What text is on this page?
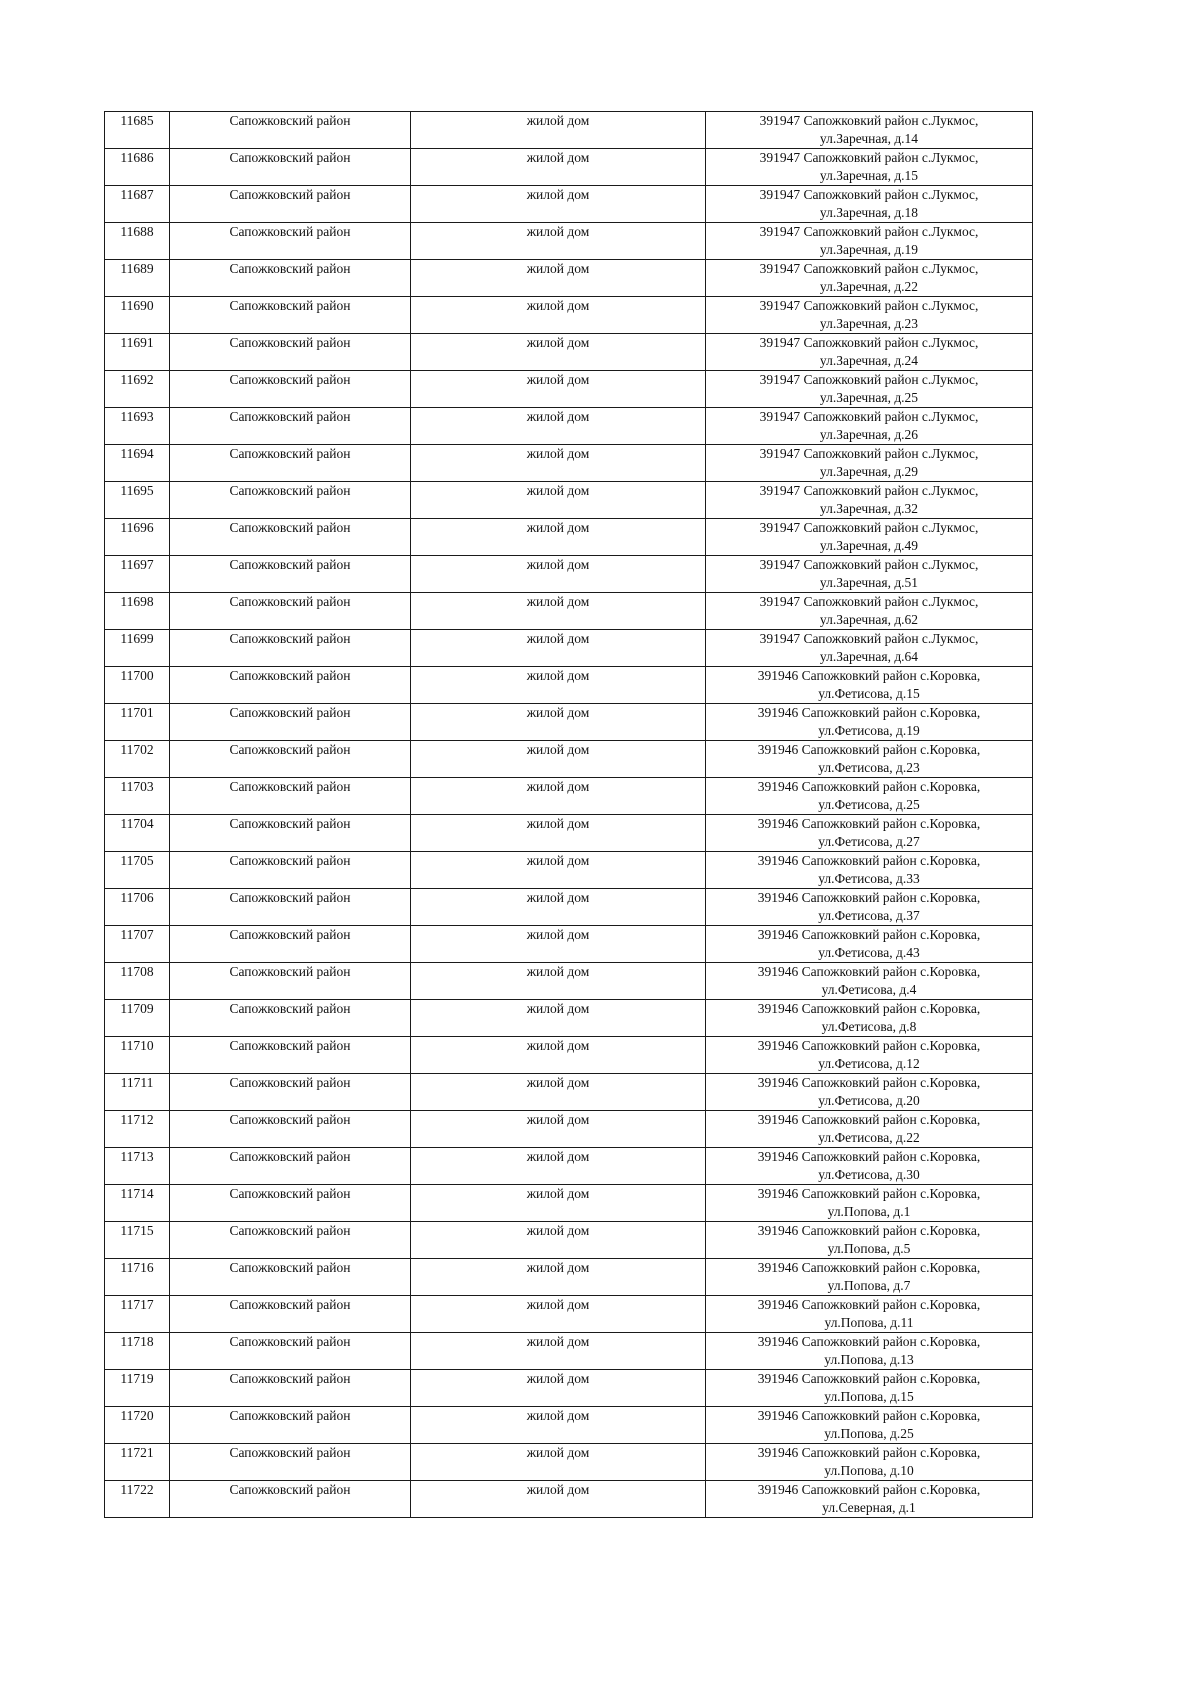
11685	Сапожковский район	жилой дом	391947 Сапожковкий район с.Лукмос,
ул.Заречная, д.14

11686	Сапожковский район	жилой дом	391947 Сапожковкий район с.Лукмос,
ул.Заречная, д.15

11687	Сапожковский район	жилой дом	391947 Сапожковкий район с.Лукмос,
ул.Заречная, д.18

11688	Сапожковский район	жилой дом	391947 Сапожковкий район с.Лукмос,
ул.Заречная, д.19

11689	Сапожковский район	жилой дом	391947 Сапожковкий район с.Лукмос,
ул.Заречная, д.22

11690	Сапожковский район	жилой дом	391947 Сапожковкий район с.Лукмос,
ул.Заречная, д.23

11691	Сапожковский район	жилой дом	391947 Сапожковкий район с.Лукмос,
ул.Заречная, д.24

11692	Сапожковский район	жилой дом	391947 Сапожковкий район с.Лукмос,
ул.Заречная, д.25

11693	Сапожковский район	жилой дом	391947 Сапожковкий район с.Лукмос,
ул.Заречная, д.26

11694	Сапожковский район	жилой дом	391947 Сапожковкий район с.Лукмос,
ул.Заречная, д.29

11695	Сапожковский район	жилой дом	391947 Сапожковкий район с.Лукмос,
ул.Заречная, д.32

11696	Сапожковский район	жилой дом	391947 Сапожковкий район с.Лукмос,
ул.Заречная, д.49

11697	Сапожковский район	жилой дом	391947 Сапожковкий район с.Лукмос,
ул.Заречная, д.51

11698	Сапожковский район	жилой дом	391947 Сапожковкий район с.Лукмос,
ул.Заречная, д.62

11699	Сапожковский район	жилой дом	391947 Сапожковкий район с.Лукмос,
ул.Заречная, д.64

11700	Сапожковский район	жилой дом	391946 Сапожковкий район с.Коровка,
ул.Фетисова, д.15

11701	Сапожковский район	жилой дом	391946 Сапожковкий район с.Коровка,
ул.Фетисова, д.19

11702	Сапожковский район	жилой дом	391946 Сапожковкий район с.Коровка,
ул.Фетисова, д.23

11703	Сапожковский район	жилой дом	391946 Сапожковкий район с.Коровка,
ул.Фетисова, д.25

11704	Сапожковский район	жилой дом	391946 Сапожковкий район с.Коровка,
ул.Фетисова, д.27

11705	Сапожковский район	жилой дом	391946 Сапожковкий район с.Коровка,
ул.Фетисова, д.33

11706	Сапожковский район	жилой дом	391946 Сапожковкий район с.Коровка,
ул.Фетисова, д.37

11707	Сапожковский район	жилой дом	391946 Сапожковкий район с.Коровка,
ул.Фетисова, д.43

11708	Сапожковский район	жилой дом	391946 Сапожковкий район с.Коровка,
ул.Фетисова, д.4

11709	Сапожковский район	жилой дом	391946 Сапожковкий район с.Коровка,
ул.Фетисова, д.8

11710	Сапожковский район	жилой дом	391946 Сапожковкий район с.Коровка,
ул.Фетисова, д.12

11711	Сапожковский район	жилой дом	391946 Сапожковкий район с.Коровка,
ул.Фетисова, д.20

11712	Сапожковский район	жилой дом	391946 Сапожковкий район с.Коровка,
ул.Фетисова, д.22

11713	Сапожковский район	жилой дом	391946 Сапожковкий район с.Коровка,
ул.Фетисова, д.30

11714	Сапожковский район	жилой дом	391946 Сапожковкий район с.Коровка,
ул.Попова, д.1

11715	Сапожковский район	жилой дом	391946 Сапожковкий район с.Коровка,
ул.Попова, д.5

11716	Сапожковский район	жилой дом	391946 Сапожковкий район с.Коровка,
ул.Попова, д.7

11717	Сапожковский район	жилой дом	391946 Сапожковкий район с.Коровка,
ул.Попова, д.11

11718	Сапожковский район	жилой дом	391946 Сапожковкий район с.Коровка,
ул.Попова, д.13

11719	Сапожковский район	жилой дом	391946 Сапожковкий район с.Коровка,
ул.Попова, д.15

11720	Сапожковский район	жилой дом	391946 Сапожковкий район с.Коровка,
ул.Попова, д.25

11721	Сапожковский район	жилой дом	391946 Сапожковкий район с.Коровка,
ул.Попова, д.10

11722	Сапожковский район	жилой дом	391946 Сапожковкий район с.Коровка,
ул.Северная, д.1
